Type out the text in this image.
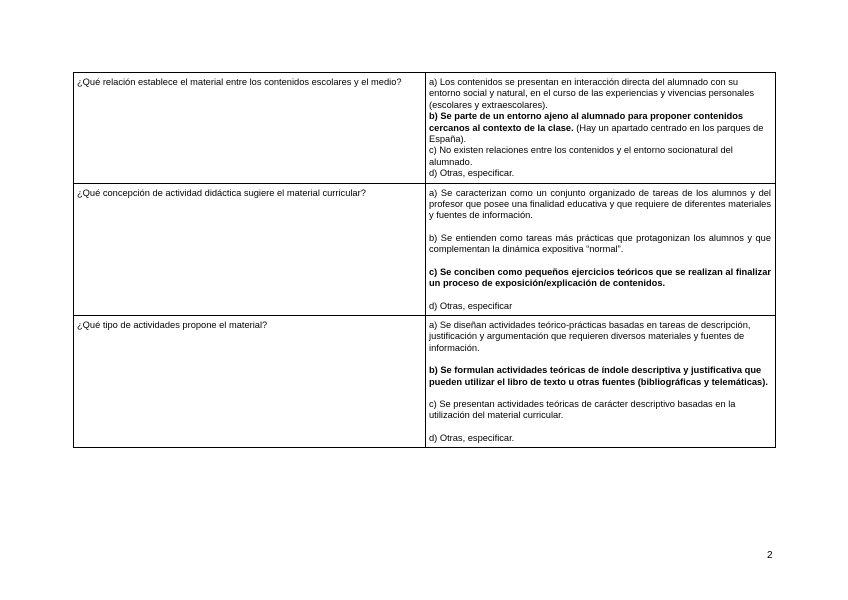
¿Qué relación establece el material entre los contenidos escolares y el medio?	a) Los contenidos se presentan en interacción directa del alumnado con su entorno social y natural, en el curso de las experiencias y vivencias personales (escolares y extraescolares).
b) Se parte de un entorno ajeno al alumnado para proponer contenidos cercanos al contexto de la clase. (Hay un apartado centrado en los parques de España).
c) No existen relaciones entre los contenidos y el entorno socionatural del alumnado.
d) Otras, especificar.

¿Qué concepción de actividad didáctica sugiere el material curricular?	a) Se caracterizan como un conjunto organizado de tareas de los alumnos y del profesor que posee una finalidad educativa y que requiere de diferentes materiales y fuentes de información.
b) Se entienden como tareas más prácticas que protagonizan los alumnos y que complementan la dinámica expositiva “normal”.
c) Se conciben como pequeños ejercicios teóricos que se realizan al finalizar un proceso de exposición/explicación de contenidos.
d) Otras, especificar

¿Qué tipo de actividades propone el material?	a) Se diseñan actividades teórico-prácticas basadas en tareas de descripción, justificación y argumentación que requieren diversos materiales y fuentes de información.
b) Se formulan actividades teóricas de índole descriptiva y justificativa que pueden utilizar el libro de texto u otras fuentes (bibliográficas y telemáticas).
c) Se presentan actividades teóricas de carácter descriptivo basadas en la utilización del material curricular.
d) Otras, especificar.
2
